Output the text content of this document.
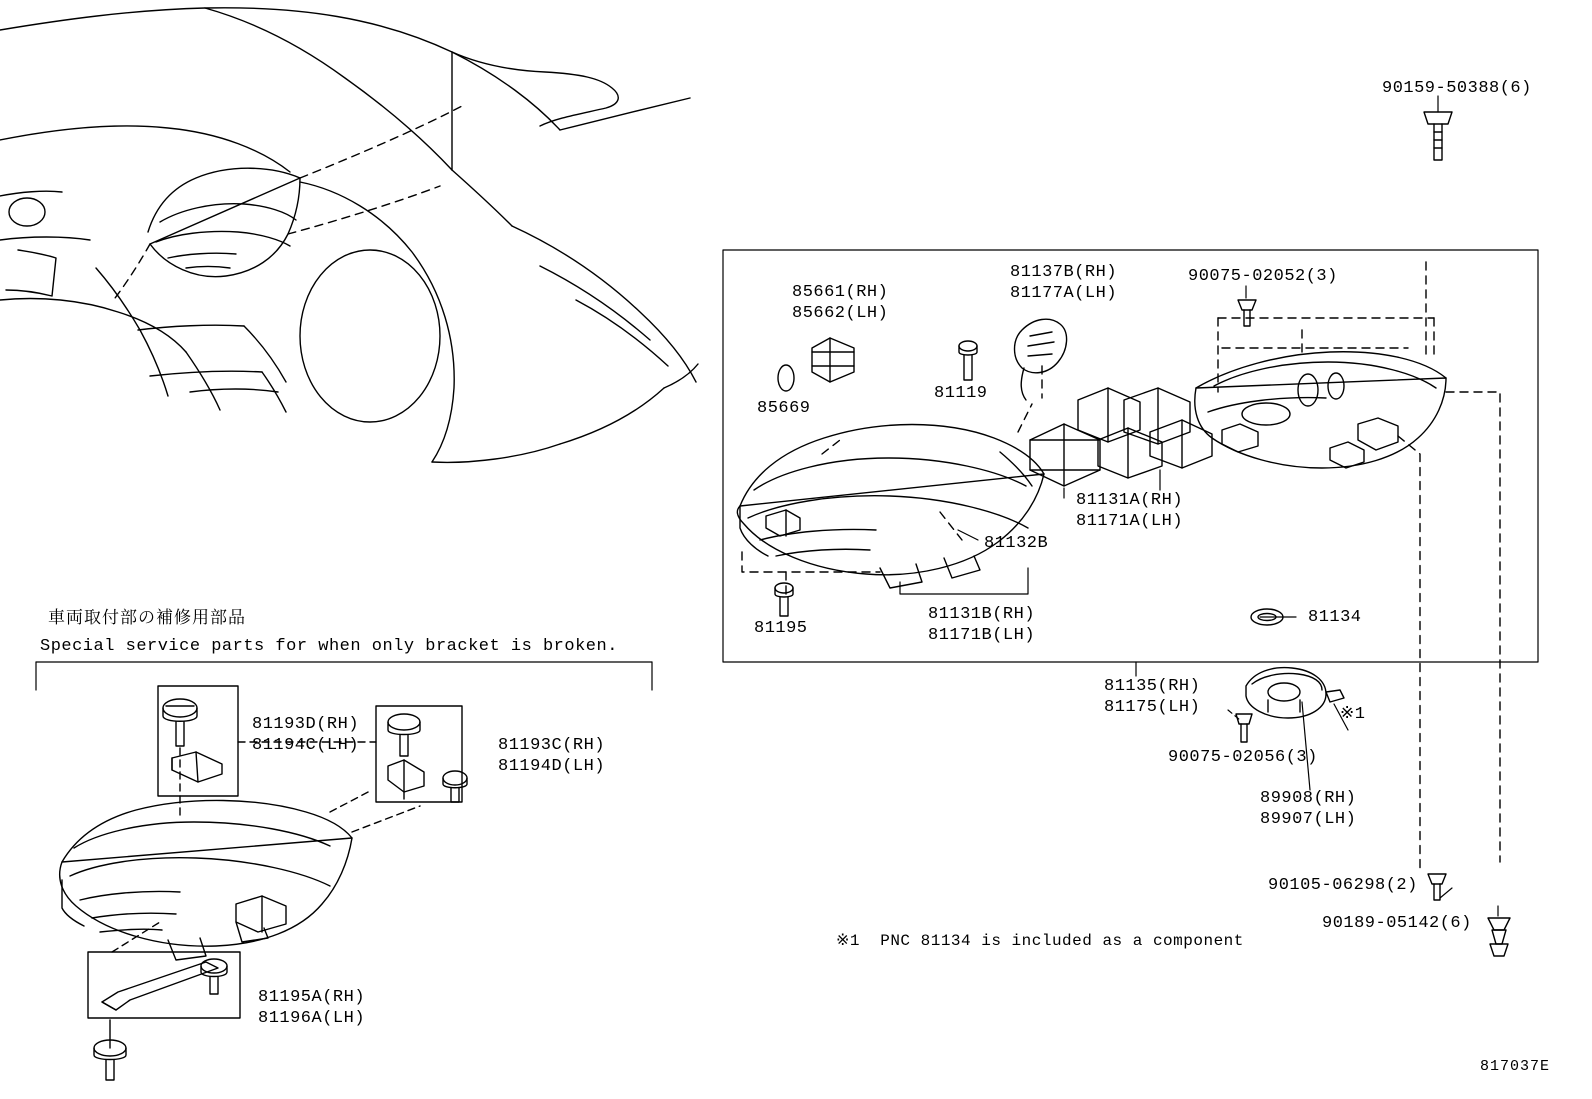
90159-50388(6)
90075-02052(3)
85661(RH)
85662(LH)
85669
81119
81137B(RH)
81177A(LH)
81131A(RH)
81171A(LH)
81132B
81131B(RH)
81171B(LH)
81195
81134
81135(RH)
81175(LH)	※1
90075-02056(3)
89908(RH)
89907(LH)
90105-06298(2)
90189-05142(6)
※1  PNC 81134 is included as a component
車両取付部の補修用部品
Special service parts for when only bracket is broken.
81193D(RH)
81194C(LH)	81193C(RH)
81194D(LH)
81195A(RH)
81196A(LH)
817037E
